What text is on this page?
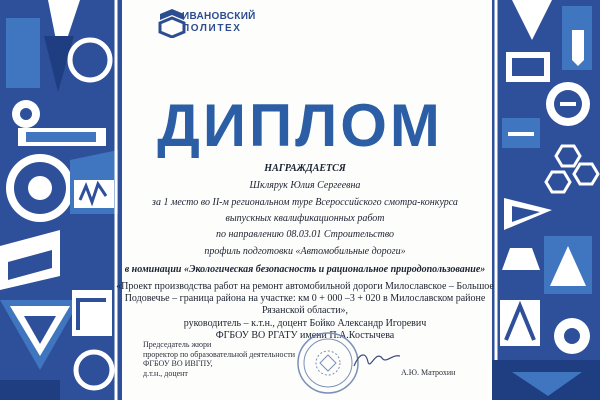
ИВАНОВСКИЙ
ПОЛИТЕХ
ДИПЛОМ
НАГРАЖДАЕТСЯ
Шклярук Юлия Сергеевна
за 1 место во II-м региональном туре Всероссийского смотра-конкурса
выпускных квалификационных работ
по направлению 08.03.01 Строительство
профиль подготовки «Автомобильные дороги»
в номинации «Экологическая безопасность и рациональное природопользование»
«Проект производства работ на ремонт автомобильной дороги Милославское – Большое
Подовечье – граница района на участке: км 0 + 000 –3 + 020 в Милославском районе
Рязанской области»,
руководитель – к.т.н., доцент Бойко Александр Игоревич
ФГБОУ ВО РГАТУ имени П.А.Костычева
Председатель жюри
проректор по образовательной деятельности
ФГБОУ ВО ИВГПУ,
д.т.н., доцент	А.Ю. Матрохин
